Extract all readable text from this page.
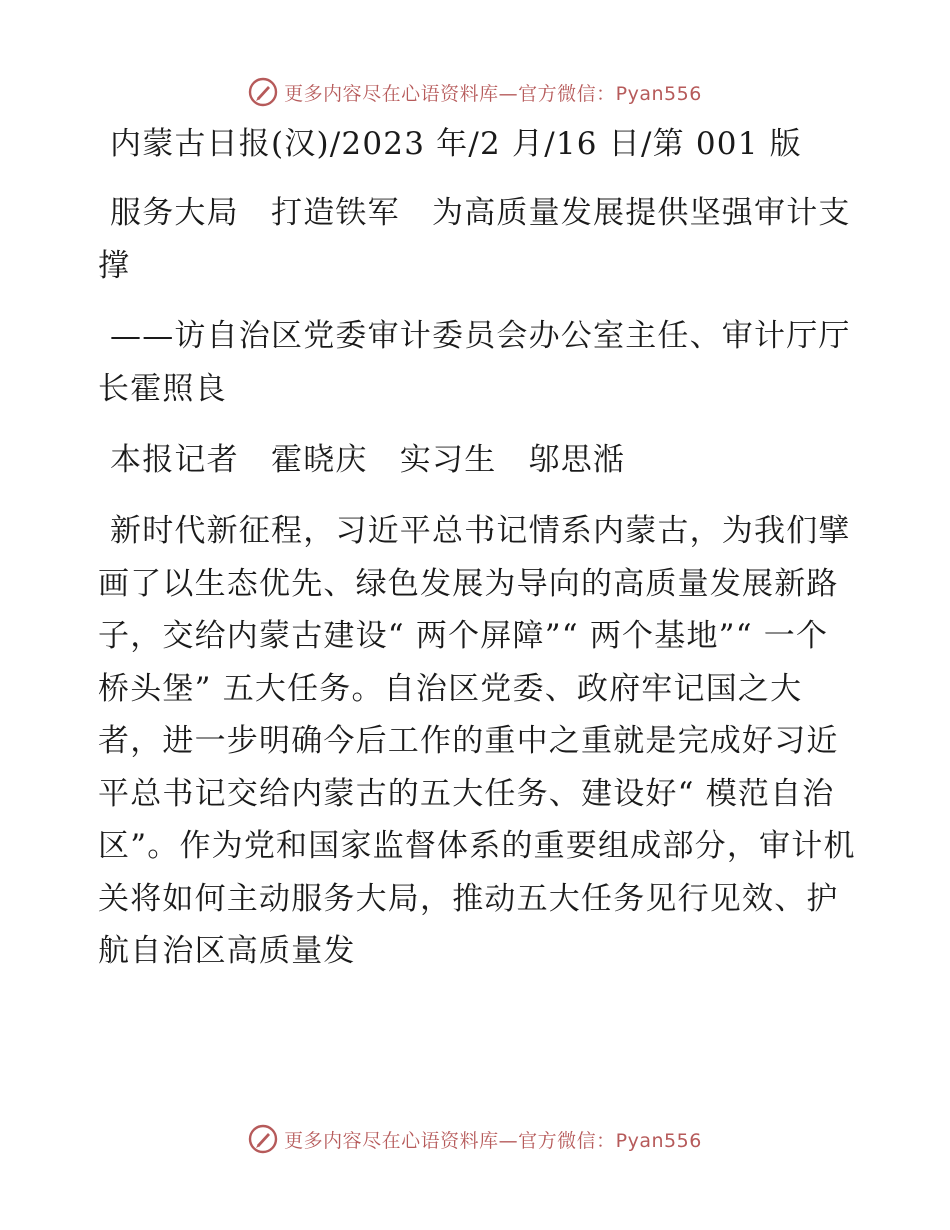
更多内容尽在心语资料库—官方微信：Pyan556

内蒙古日报(汉)/2023 年/2 月/16 日/第 001 版

服务大局　打造铁军　为高质量发展提供坚强审计支撑

——访自治区党委审计委员会办公室主任、审计厅厅长霍照良

本报记者　霍晓庆　实习生　邬思湉

新时代新征程，习近平总书记情系内蒙古，为我们擘画了以生态优先、绿色发展为导向的高质量发展新路子，交给内蒙古建设“ 两个屏障”“ 两个基地”“ 一个桥头堡” 五大任务。自治区党委、政府牢记国之大者，进一步明确今后工作的重中之重就是完成好习近平总书记交给内蒙古的五大任务、建设好“ 模范自治区”。作为党和国家监督体系的重要组成部分，审计机关将如何主动服务大局，推动五大任务见行见效、护航自治区高质量发

更多内容尽在心语资料库—官方微信：Pyan556
